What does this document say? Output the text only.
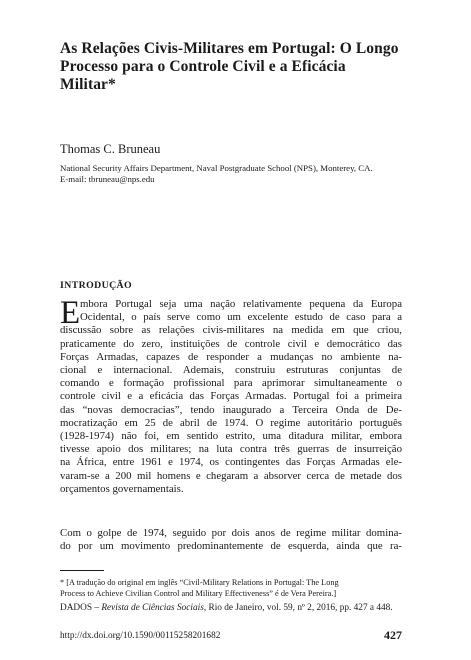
As Relações Civis-Militares em Portugal: O Longo
Processo para o Controle Civil e a Eficácia
Militar*

Thomas C. Bruneau

National Security Affairs Department, Naval Postgraduate School (NPS), Monterey, CA.
E-mail: tbruneau@nps.edu
INTRODUÇÃO
E mbora Portugal seja uma nação relativamente pequena da Europa
Ocidental, o país serve como um excelente estudo de caso para a
discussão sobre as relações civis-militares na medida em que criou,
praticamente do zero, instituições de controle civil e democrático das
Forças Armadas, capazes de responder a mudanças no ambiente na-
cional e internacional. Ademais, construiu estruturas conjuntas de
comando e formação profissional para aprimorar simultaneamente o
controle civil e a eficácia das Forças Armadas. Portugal foi a primeira
das “novas democracias”, tendo inaugurado a Terceira Onda de De-
mocratização em 25 de abril de 1974. O regime autoritário português
(1928-1974) não foi, em sentido estrito, uma ditadura militar, embora
tivesse apoio dos militares; na luta contra três guerras de insurreição
na África, entre 1961 e 1974, os contingentes das Forças Armadas ele-
varam-se a 200 mil homens e chegaram a absorver cerca de metade dos
orçamentos governamentais.
Com o golpe de 1974, seguido por dois anos de regime militar domina-
do por um movimento predominantemente de esquerda, ainda que ra-
* [A tradução do original em inglês “Civil-Military Relations in Portugal: The Long
Process to Achieve Civilian Control and Military Effectiveness” é de Vera Pereira.]

DADOS – Revista de Ciências Sociais, Rio de Janeiro, vol. 59, nº 2, 2016, pp. 427 a 448.

http://dx.doi.org/10.1590/00115258201682	427
